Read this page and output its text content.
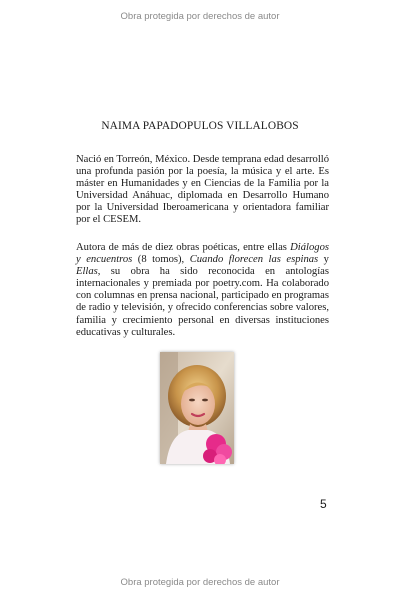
Obra protegida por derechos de autor
NAIMA PAPADOPULOS VILLALOBOS

Nació en Torreón, México. Desde temprana edad desarrolló una profunda pasión por la poesía, la música y el arte. Es máster en Humanidades y en Ciencias de la Familia por la Universidad Anáhuac, diplomada en Desarrollo Humano por la Universidad Iberoamericana y orientadora familiar por el CESEM.

Autora de más de diez obras poéticas, entre ellas Diálogos y encuentros (8 tomos), Cuando florecen las espinas y Ellas, su obra ha sido reconocida en antologías internacionales y premiada por poetry.com. Ha colaborado con columnas en prensa nacional, participado en programas de radio y televisión, y ofrecido conferencias sobre valores, familia y crecimiento personal en diversas instituciones educativas y culturales.

5
Obra protegida por derechos de autor
